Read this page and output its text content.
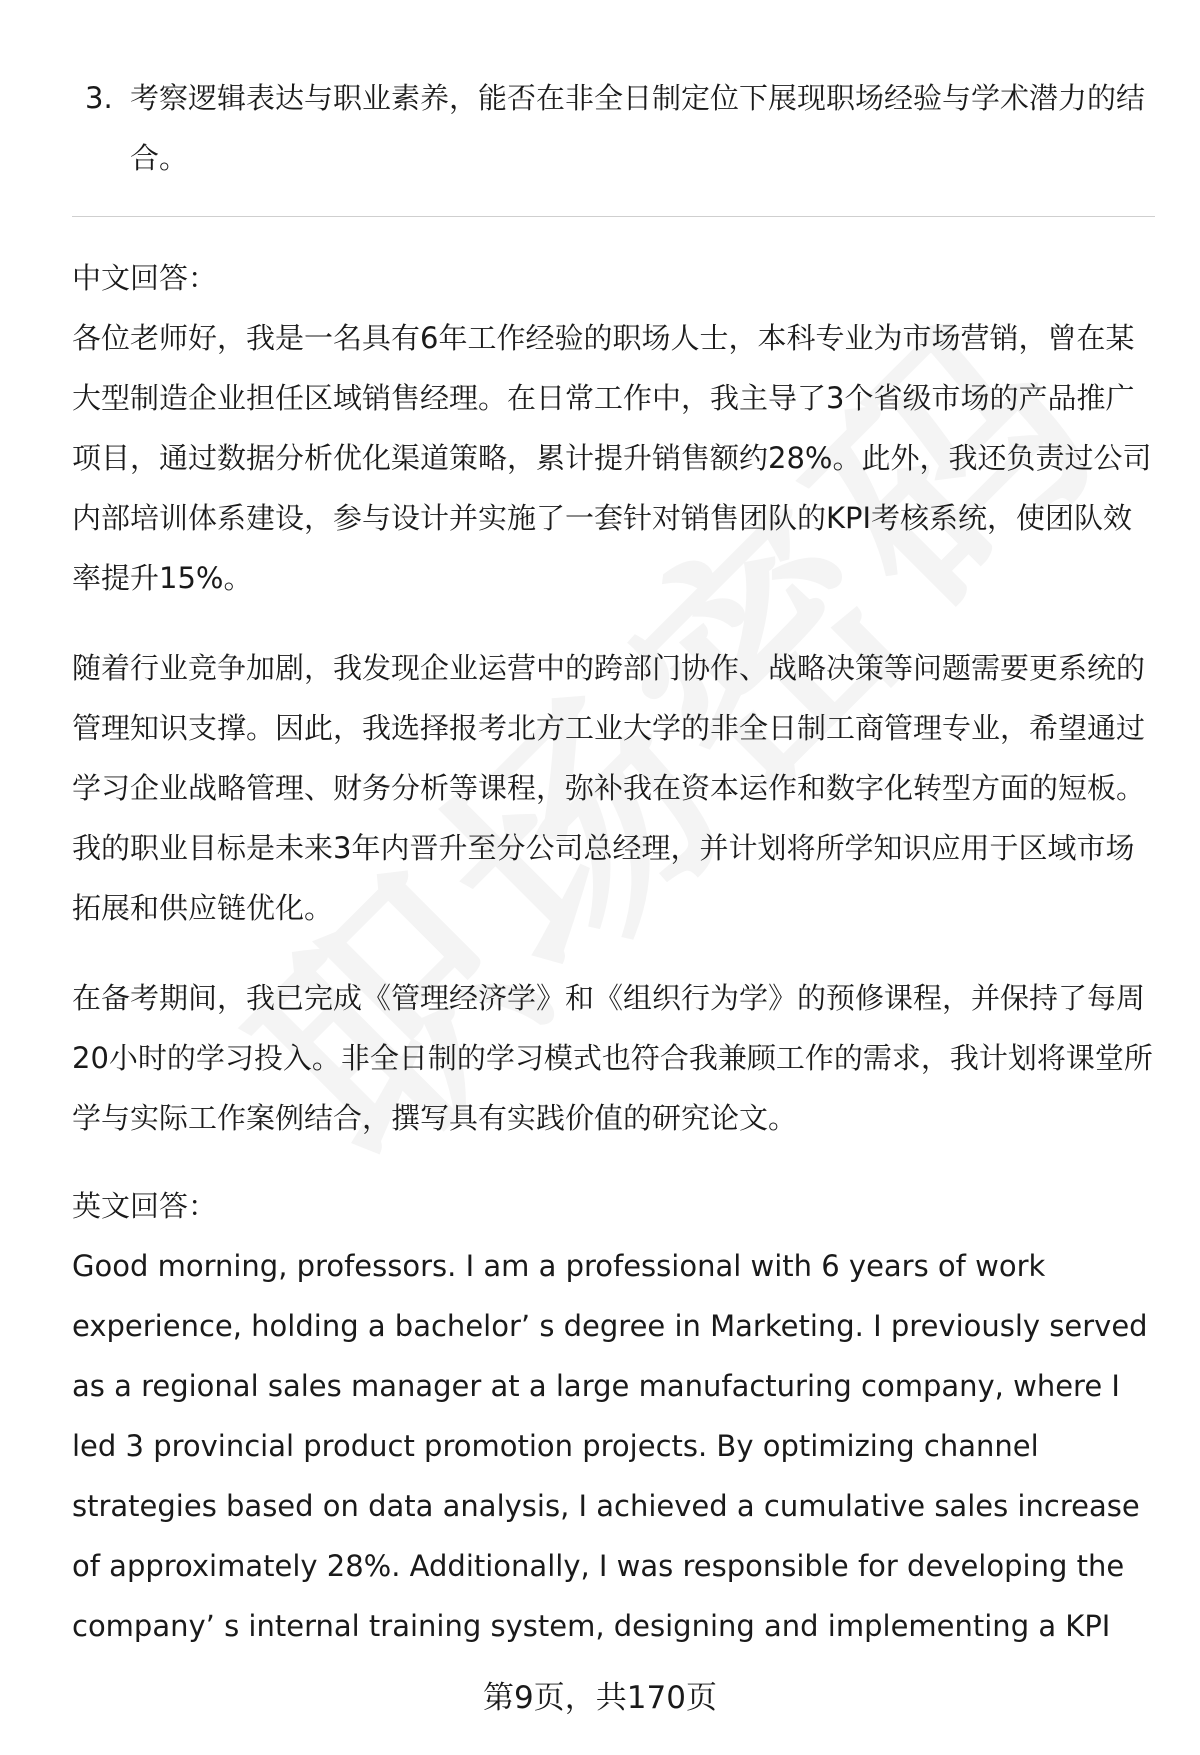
3. 考察逻辑表达与职业素养，能否在非全日制定位下展现职场经验与学术潜力的结合。
中文回答：

各位老师好，我是一名具有6年工作经验的职场人士，本科专业为市场营销，曾在某大型制造企业担任区域销售经理。在日常工作中，我主导了3个省级市场的产品推广项目，通过数据分析优化渠道策略，累计提升销售额约28%。此外，我还负责过公司内部培训体系建设，参与设计并实施了一套针对销售团队的KPI考核系统，使团队效率提升15%。

随着行业竞争加剧，我发现企业运营中的跨部门协作、战略决策等问题需要更系统的管理知识支撑。因此，我选择报考北方工业大学的非全日制工商管理专业，希望通过学习企业战略管理、财务分析等课程，弥补我在资本运作和数字化转型方面的短板。我的职业目标是未来3年内晋升至分公司总经理，并计划将所学知识应用于区域市场拓展和供应链优化。

在备考期间，我已完成《管理经济学》和《组织行为学》的预修课程，并保持了每周20小时的学习投入。非全日制的学习模式也符合我兼顾工作的需求，我计划将课堂所学与实际工作案例结合，撰写具有实践价值的研究论文。

英文回答：

Good morning, professors. I am a professional with 6 years of work experience, holding a bachelor’ s degree in Marketing. I previously served as a regional sales manager at a large manufacturing company, where I led 3 provincial product promotion projects. By optimizing channel strategies based on data analysis, I achieved a cumulative sales increase of approximately 28%. Additionally, I was responsible for developing the company’ s internal training system, designing and implementing a KPI

第9页，共170页
